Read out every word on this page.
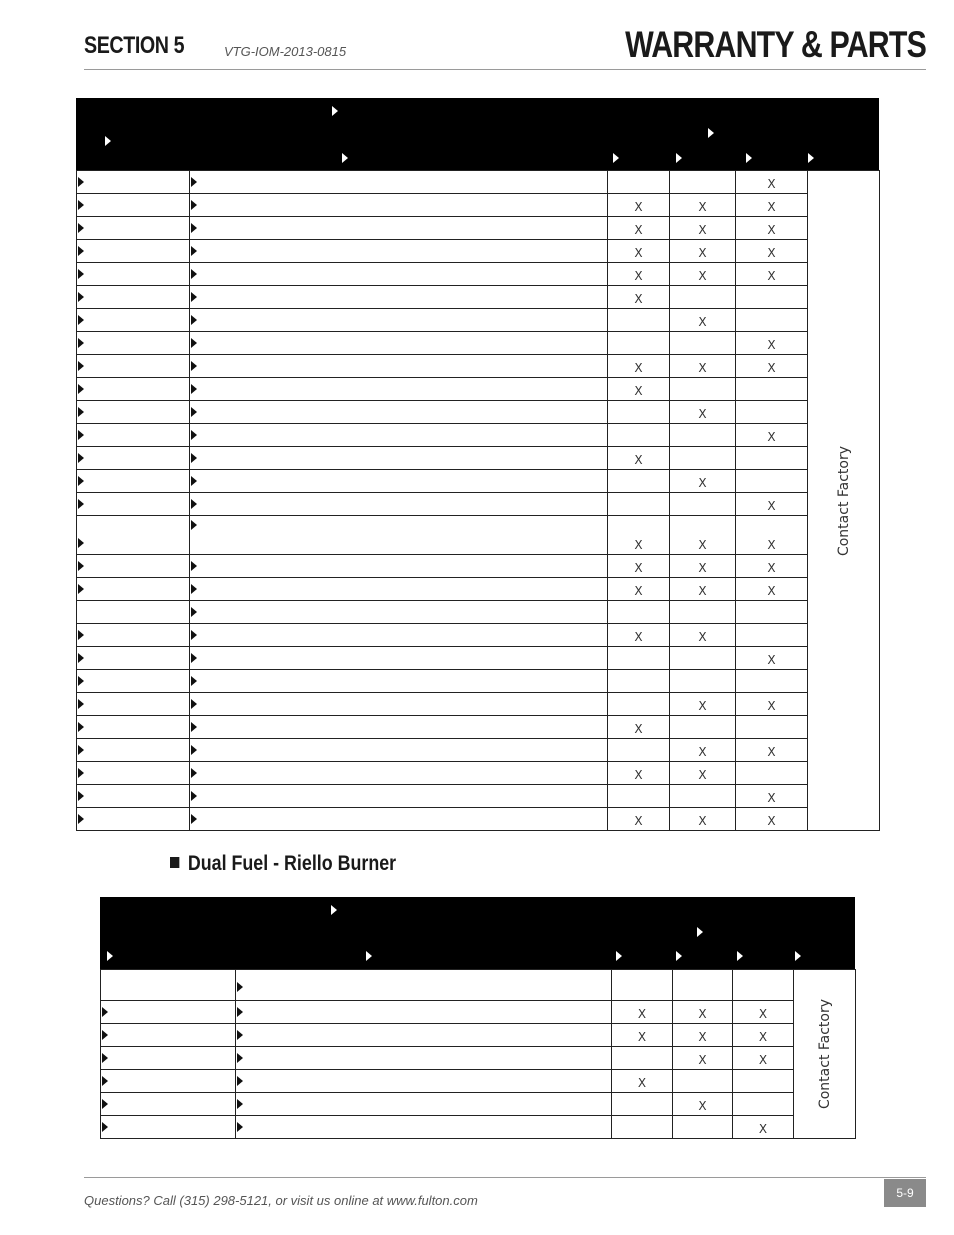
SECTION 5	VTG-IOM-2013-0815	WARRANTY & PARTS

			X	

	X	X	X	

	X	X	X	

	X	X	X	

	X	X	X	

	X			

		X		

			X	

	X	X	X	

	X			

		X		

			X	

	X			

		X		

			X	

	X	X	X	

	X	X	X	

	X	X	X	

	X	X		

			X	

		X	X	

	X			

		X	X	

	X	X		

			X	

	X	X	X	
Contact Factory
Dual Fuel - Riello Burner

	X	X	X	

	X	X	X	

		X	X	

	X			

		X		

			X	
Contact Factory
Questions? Call (315) 298-5121, or visit us online at www.fulton.com	5-9
